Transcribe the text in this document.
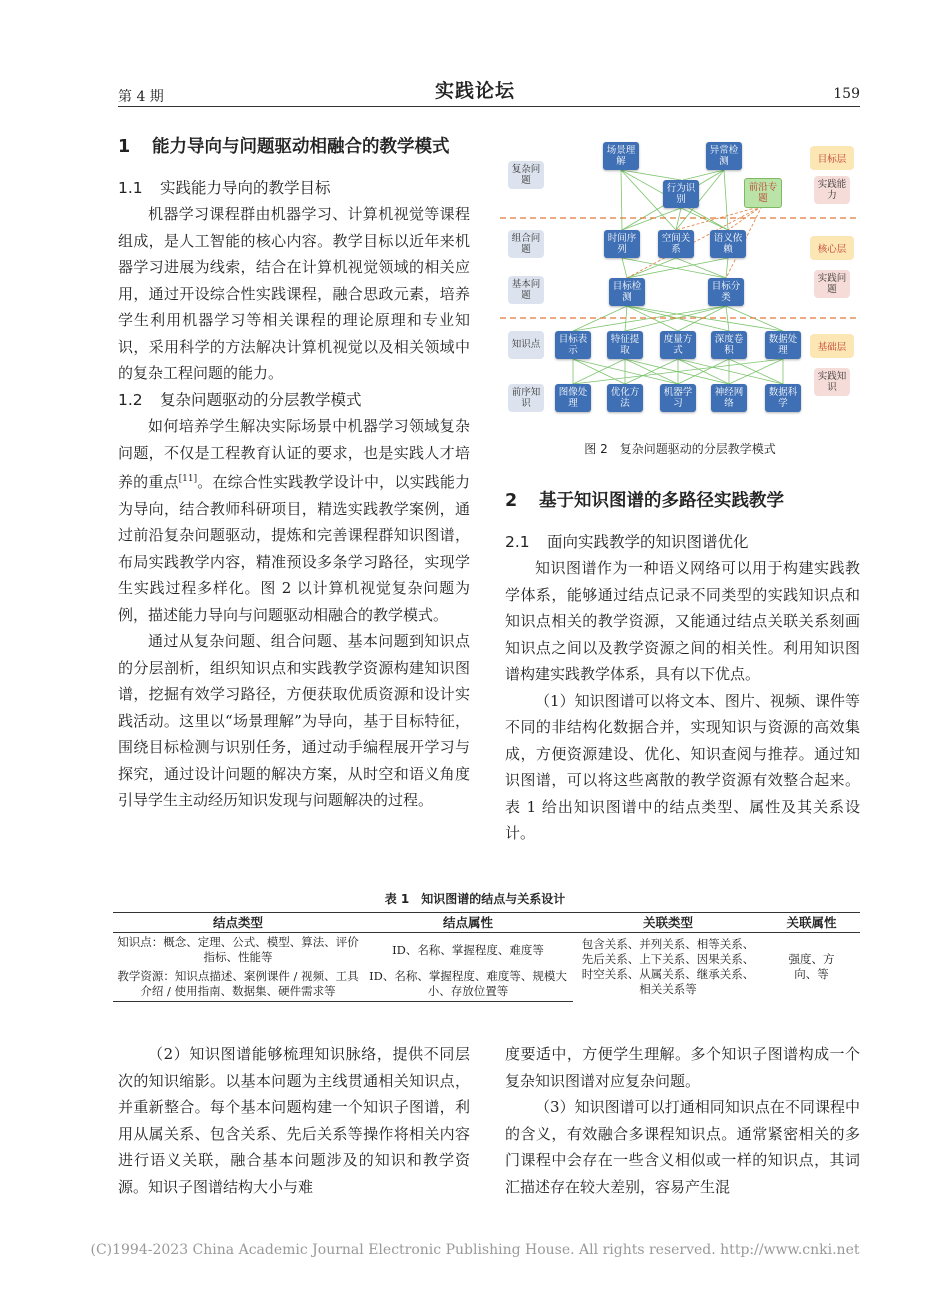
第 4 期	实践论坛	159
1 能力导向与问题驱动相融合的教学模式
1.1 实践能力导向的教学目标

机器学习课程群由机器学习、计算机视觉等课程组成，是人工智能的核心内容。教学目标以近年来机器学习进展为线索，结合在计算机视觉领域的相关应用，通过开设综合性实践课程，融合思政元素，培养学生利用机器学习等相关课程的理论原理和专业知识，采用科学的方法解决计算机视觉以及相关领域中的复杂工程问题的能力。

1.2 复杂问题驱动的分层教学模式

如何培养学生解决实际场景中机器学习领域复杂问题，不仅是工程教育认证的要求，也是实践人才培养的重点[11]。在综合性实践教学设计中，以实践能力为导向，结合教师科研项目，精选实践教学案例，通过前沿复杂问题驱动，提炼和完善课程群知识图谱，布局实践教学内容，精准预设多条学习路径，实现学生实践过程多样化。图 2 以计算机视觉复杂问题为例，描述能力导向与问题驱动相融合的教学模式。

通过从复杂问题、组合问题、基本问题到知识点的分层剖析，组织知识点和实践教学资源构建知识图谱，挖掘有效学习路径，方便获取优质资源和设计实践活动。这里以“场景理解”为导向，基于目标特征，围绕目标检测与识别任务，通过动手编程展开学习与探究，通过设计问题的解决方案，从时空和语义角度引导学生主动经历知识发现与问题解决的过程。

复杂问题
组合问题
基本问题
知识点
前序知识
场景理解
异常检测
行为识别
前沿专题
时间序列
空间关系
语义依赖
目标检测
目标分类
目标表示
特征提取
度量方式
深度卷积
数据处理
图像处理
优化方法
机器学习
神经网络
数据科学
目标层
实践能力
核心层
实践问题
基础层
实践知识
图 2　复杂问题驱动的分层教学模式
2 基于知识图谱的多路径实践教学
2.1 面向实践教学的知识图谱优化

知识图谱作为一种语义网络可以用于构建实践教学体系，能够通过结点记录不同类型的实践知识点和知识点相关的教学资源，又能通过结点关联关系刻画知识点之间以及教学资源之间的相关性。利用知识图谱构建实践教学体系，具有以下优点。

（1）知识图谱可以将文本、图片、视频、课件等不同的非结构化数据合并，实现知识与资源的高效集成，方便资源建设、优化、知识查阅与推荐。通过知识图谱，可以将这些离散的教学资源有效整合起来。表 1 给出知识图谱中的结点类型、属性及其关系设计。

表 1　知识图谱的结点与关系设计
结点类型	结点属性	关联类型	关联属性
知识点：概念、定理、公式、模型、算法、评价指标、性能等	ID、名称、掌握程度、难度等	包含关系、并列关系、相等关系、先后关系、上下关系、因果关系、时空关系、从属关系、继承关系、相关关系等	强度、方向、等
教学资源：知识点描述、案例课件 / 视频、工具介绍 / 使用指南、数据集、硬件需求等	ID、名称、掌握程度、难度等、规模大小、存放位置等		

（2）知识图谱能够梳理知识脉络，提供不同层次的知识缩影。以基本问题为主线贯通相关知识点，并重新整合。每个基本问题构建一个知识子图谱，利用从属关系、包含关系、先后关系等操作将相关内容进行语义关联，融合基本问题涉及的知识和教学资源。知识子图谱结构大小与难

度要适中，方便学生理解。多个知识子图谱构成一个复杂知识图谱对应复杂问题。

（3）知识图谱可以打通相同知识点在不同课程中的含义，有效融合多课程知识点。通常紧密相关的多门课程中会存在一些含义相似或一样的知识点，其词汇描述存在较大差别，容易产生混

(C)1994-2023 China Academic Journal Electronic Publishing House. All rights reserved. http://www.cnki.net
